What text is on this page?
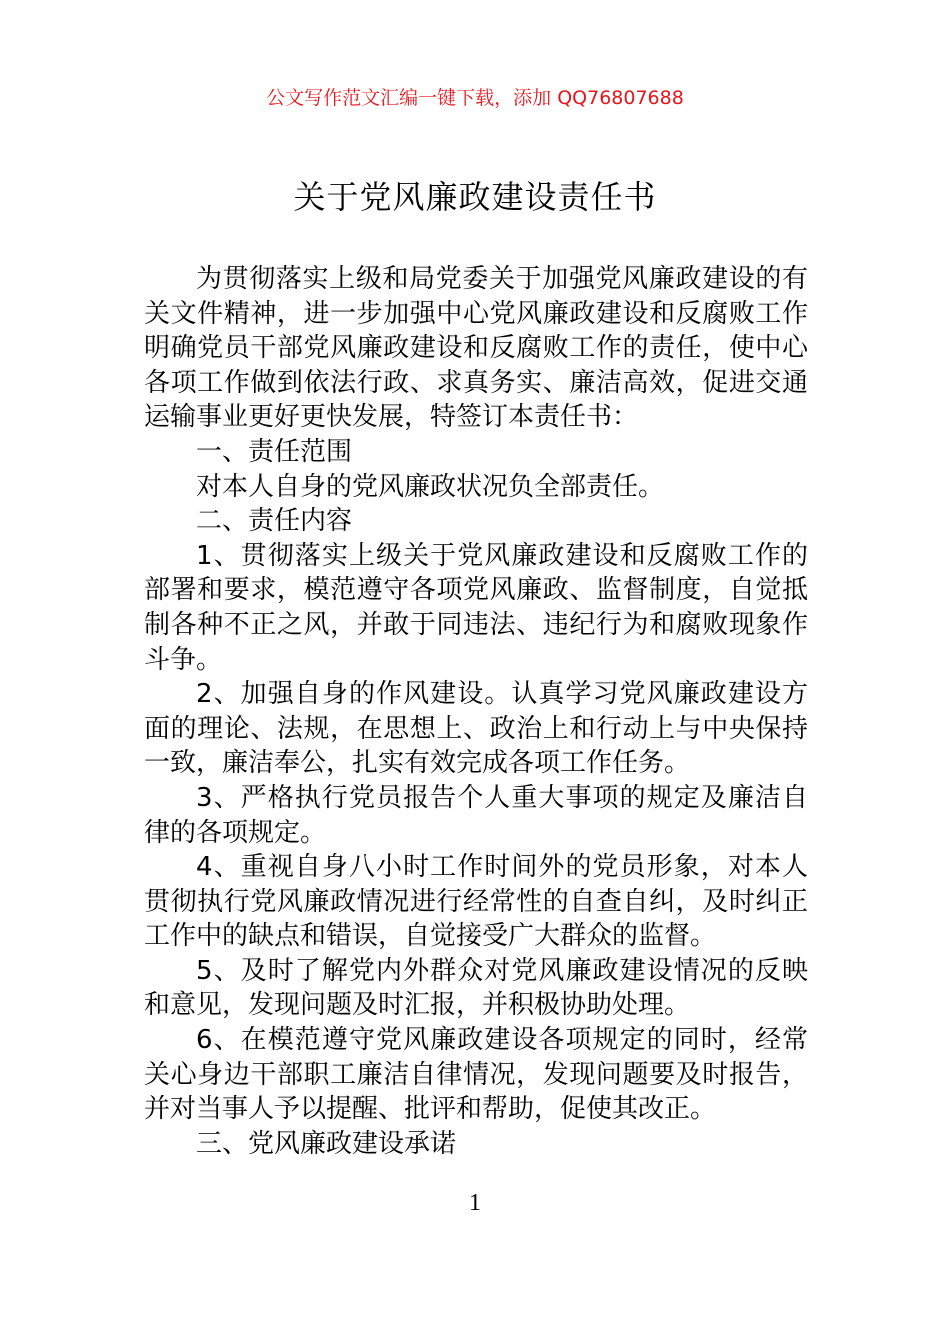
公文写作范文汇编一键下载，添加 QQ76807688
关于党风廉政建设责任书

为贯彻落实上级和局党委关于加强党风廉政建设的有关文件精神，进一步加强中心党风廉政建设和反腐败工作明确党员干部党风廉政建设和反腐败工作的责任，使中心各项工作做到依法行政、求真务实、廉洁高效，促进交通运输事业更好更快发展，特签订本责任书：

一、责任范围

对本人自身的党风廉政状况负全部责任。

二、责任内容

1、贯彻落实上级关于党风廉政建设和反腐败工作的部署和要求，模范遵守各项党风廉政、监督制度，自觉抵制各种不正之风，并敢于同违法、违纪行为和腐败现象作斗争。

2、加强自身的作风建设。认真学习党风廉政建设方面的理论、法规，在思想上、政治上和行动上与中央保持一致，廉洁奉公，扎实有效完成各项工作任务。

3、严格执行党员报告个人重大事项的规定及廉洁自律的各项规定。

4、重视自身八小时工作时间外的党员形象，对本人贯彻执行党风廉政情况进行经常性的自查自纠，及时纠正工作中的缺点和错误，自觉接受广大群众的监督。

5、及时了解党内外群众对党风廉政建设情况的反映和意见，发现问题及时汇报，并积极协助处理。

6、在模范遵守党风廉政建设各项规定的同时，经常关心身边干部职工廉洁自律情况，发现问题要及时报告，并对当事人予以提醒、批评和帮助，促使其改正。

三、党风廉政建设承诺

1
